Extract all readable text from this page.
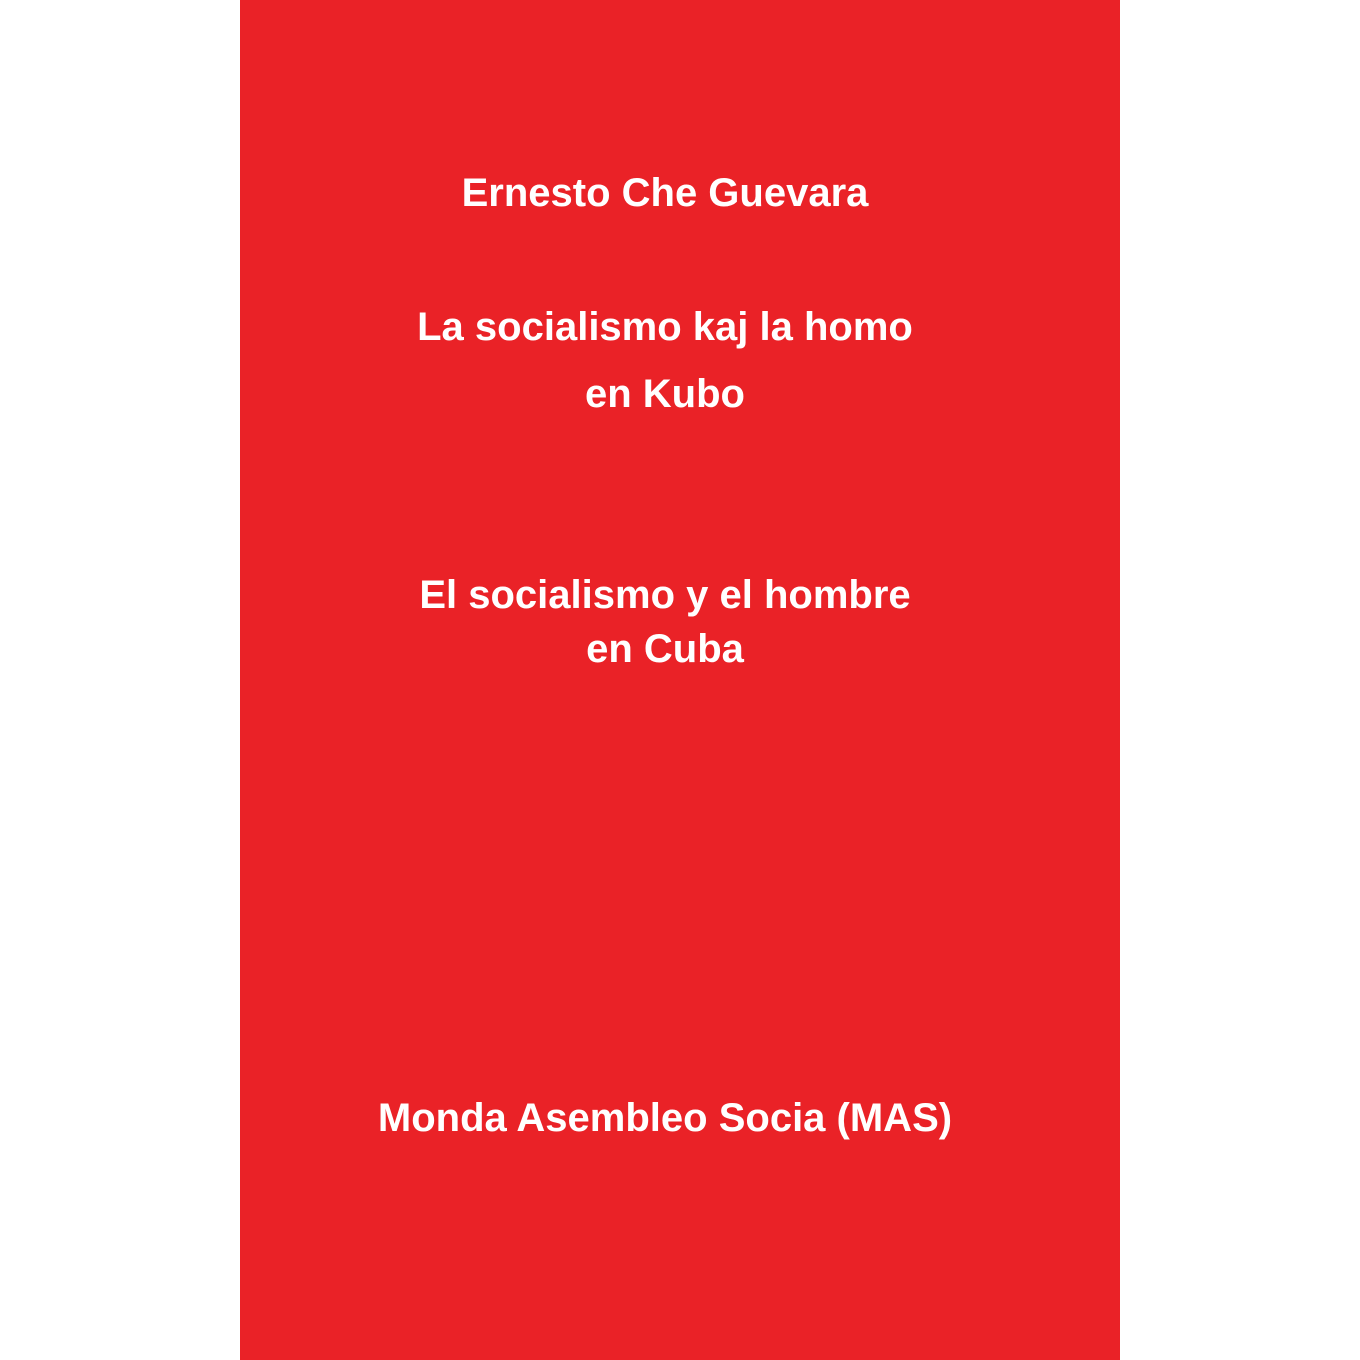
Ernesto Che Guevara
La socialismo kaj la homo
en Kubo
El socialismo y el hombre
en Cuba
Monda Asembleo Socia (MAS)
